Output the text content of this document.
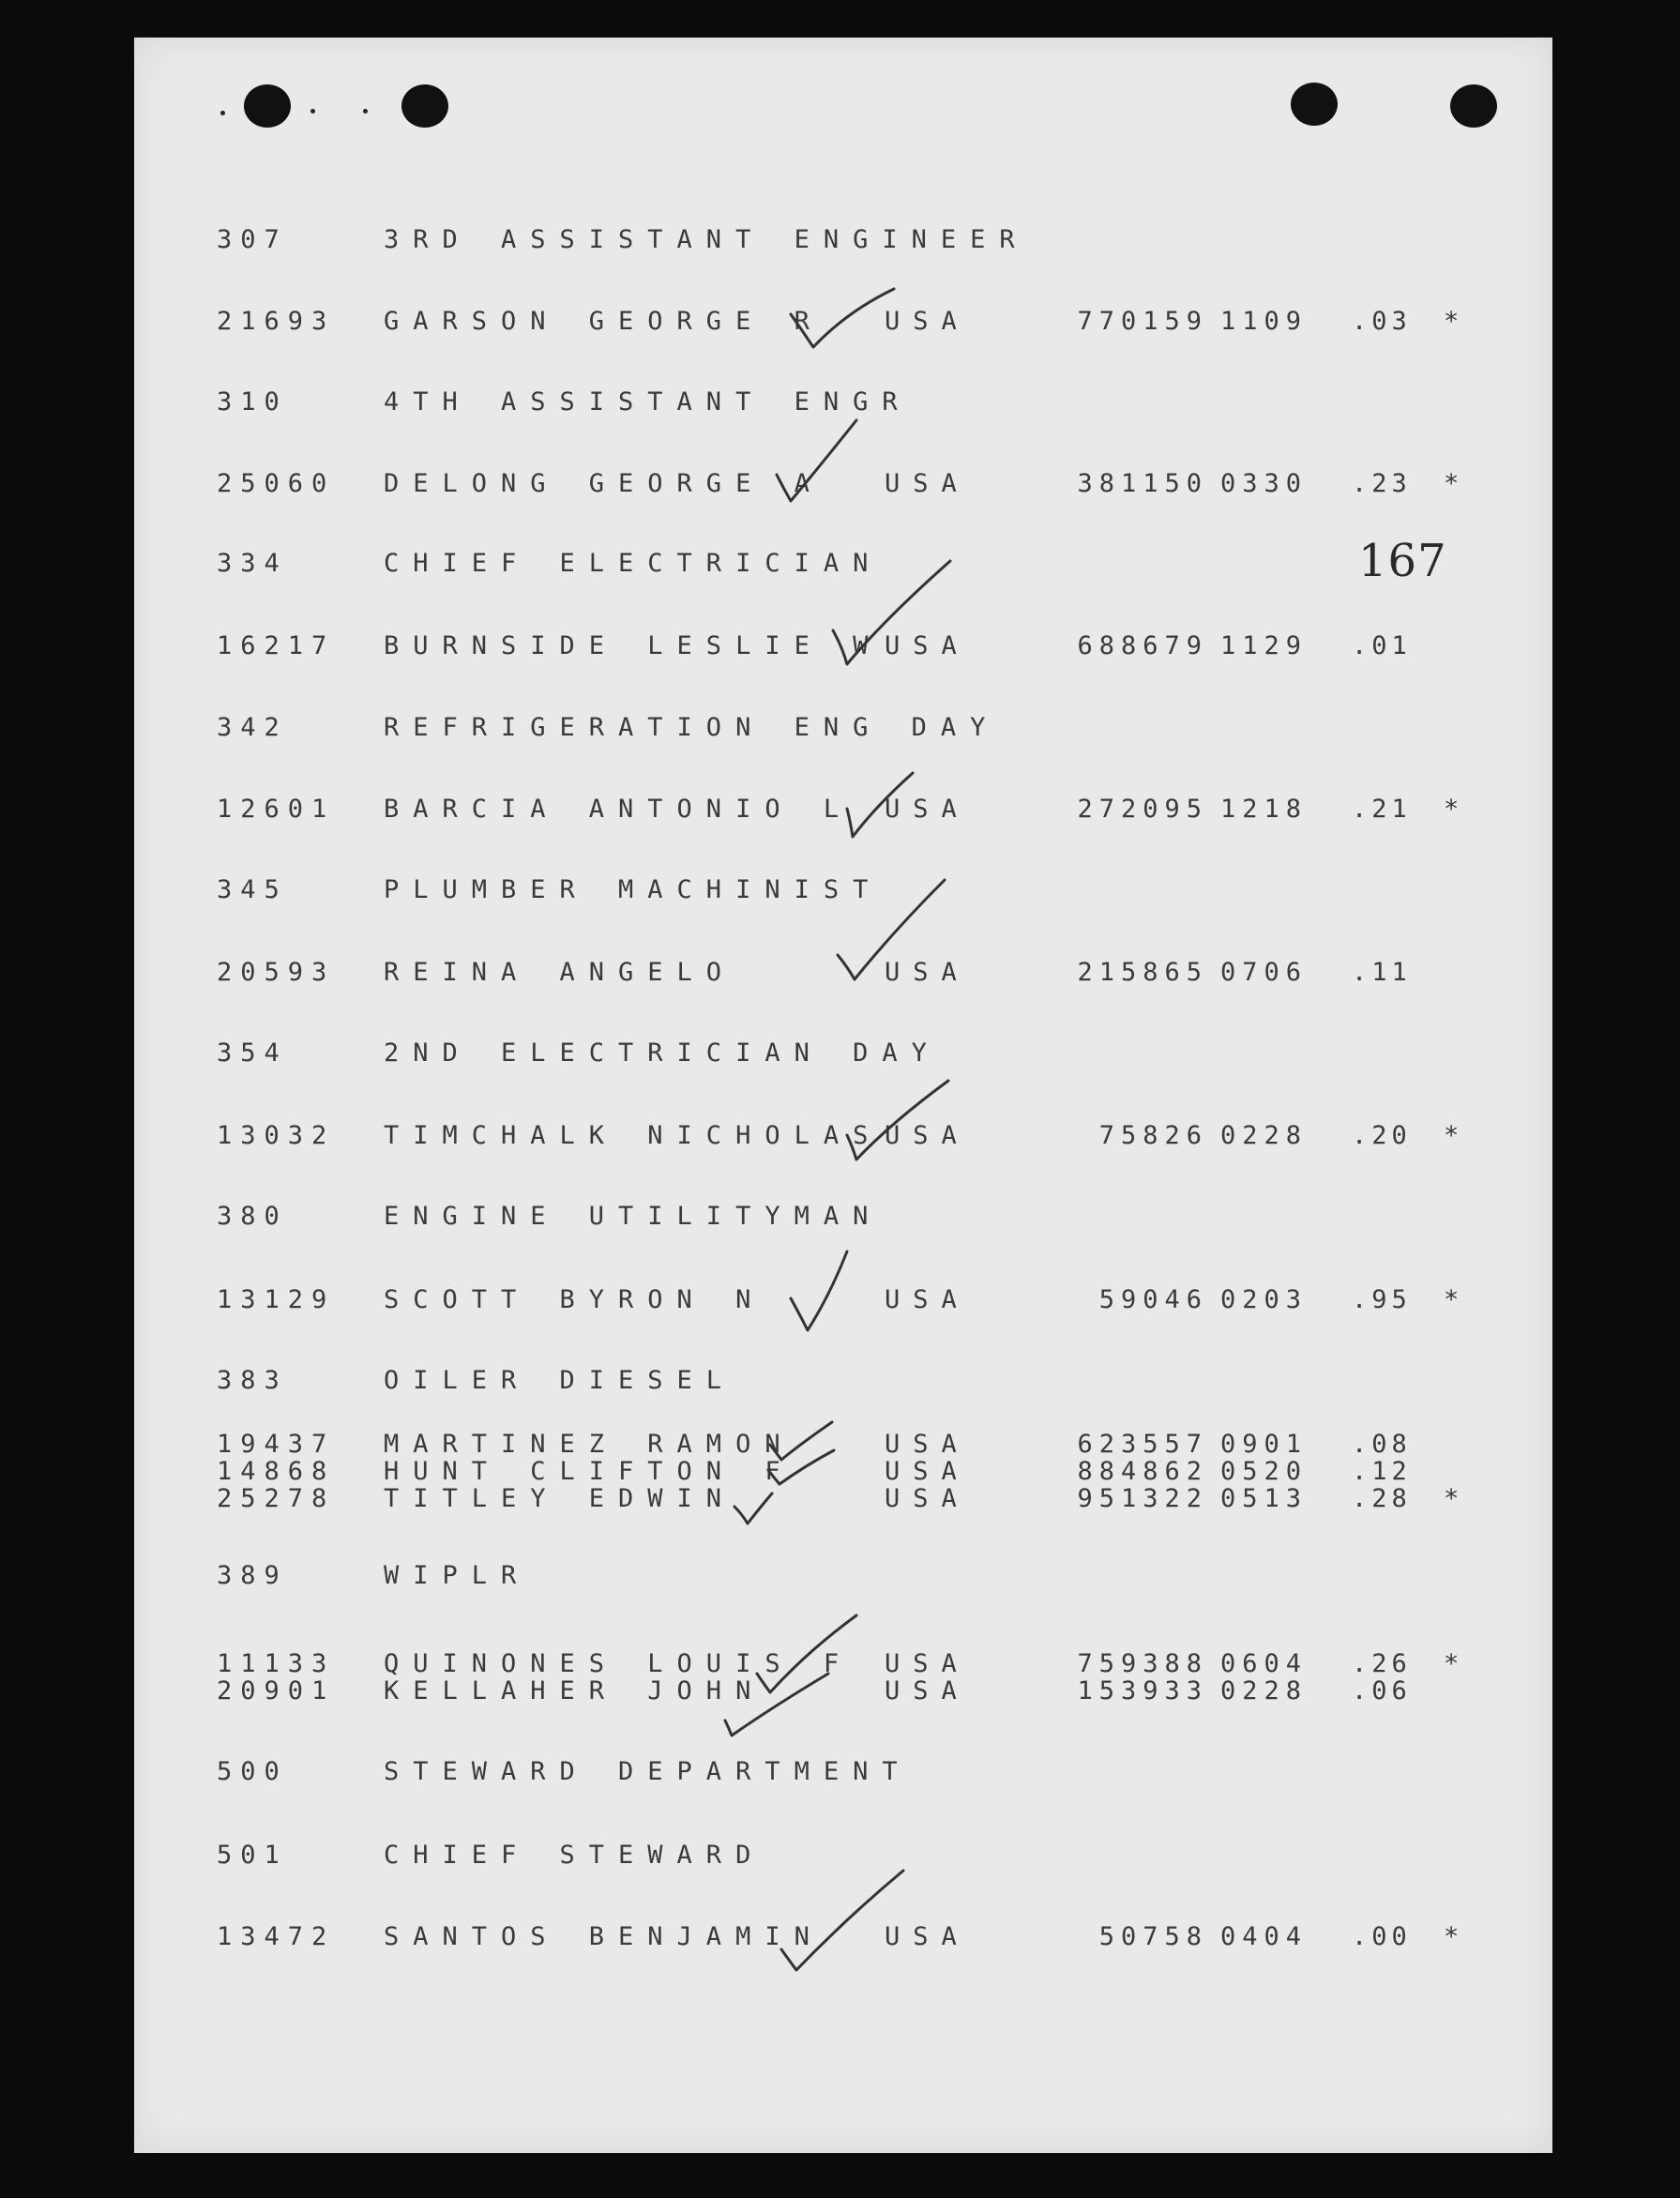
167
307	3RD ASSISTANT ENGINEER
21693 GARSON GEORGE R USA	770159 1109 .03 *
310	4TH ASSISTANT ENGR
25060 DELONG GEORGE A USA	381150 0330 .23 *
334	CHIEF ELECTRICIAN
16217 BURNSIDE LESLIE W USA	688679 1129 .01
342	REFRIGERATION ENG DAY
12601 BARCIA ANTONIO L USA	272095 1218 .21 *
345	PLUMBER MACHINIST
20593 REINA ANGELO	USA	215865 0706 .11
354	2ND ELECTRICIAN DAY
13032 TIMCHALK NICHOLAS USA	75826 0228 .20 *
380	ENGINE UTILITYMAN
13129 SCOTT BYRON N	USA	59046 0203 .95 *
383	OILER DIESEL
19437 MARTINEZ RAMON	USA	623557 0901 .08
14868 HUNT CLIFTON F	USA	884862 0520 .12
25278 TITLEY EDWIN	USA	951322 0513 .28 *
389	WIPLR
11133 QUINONES LOUIS F USA	759388 0604 .26 *
20901 KELLAHER JOHN	USA	153933 0228 .06
500	STEWARD DEPARTMENT
501	CHIEF STEWARD
13472 SANTOS BENJAMIN USA	50758 0404 .00 *
